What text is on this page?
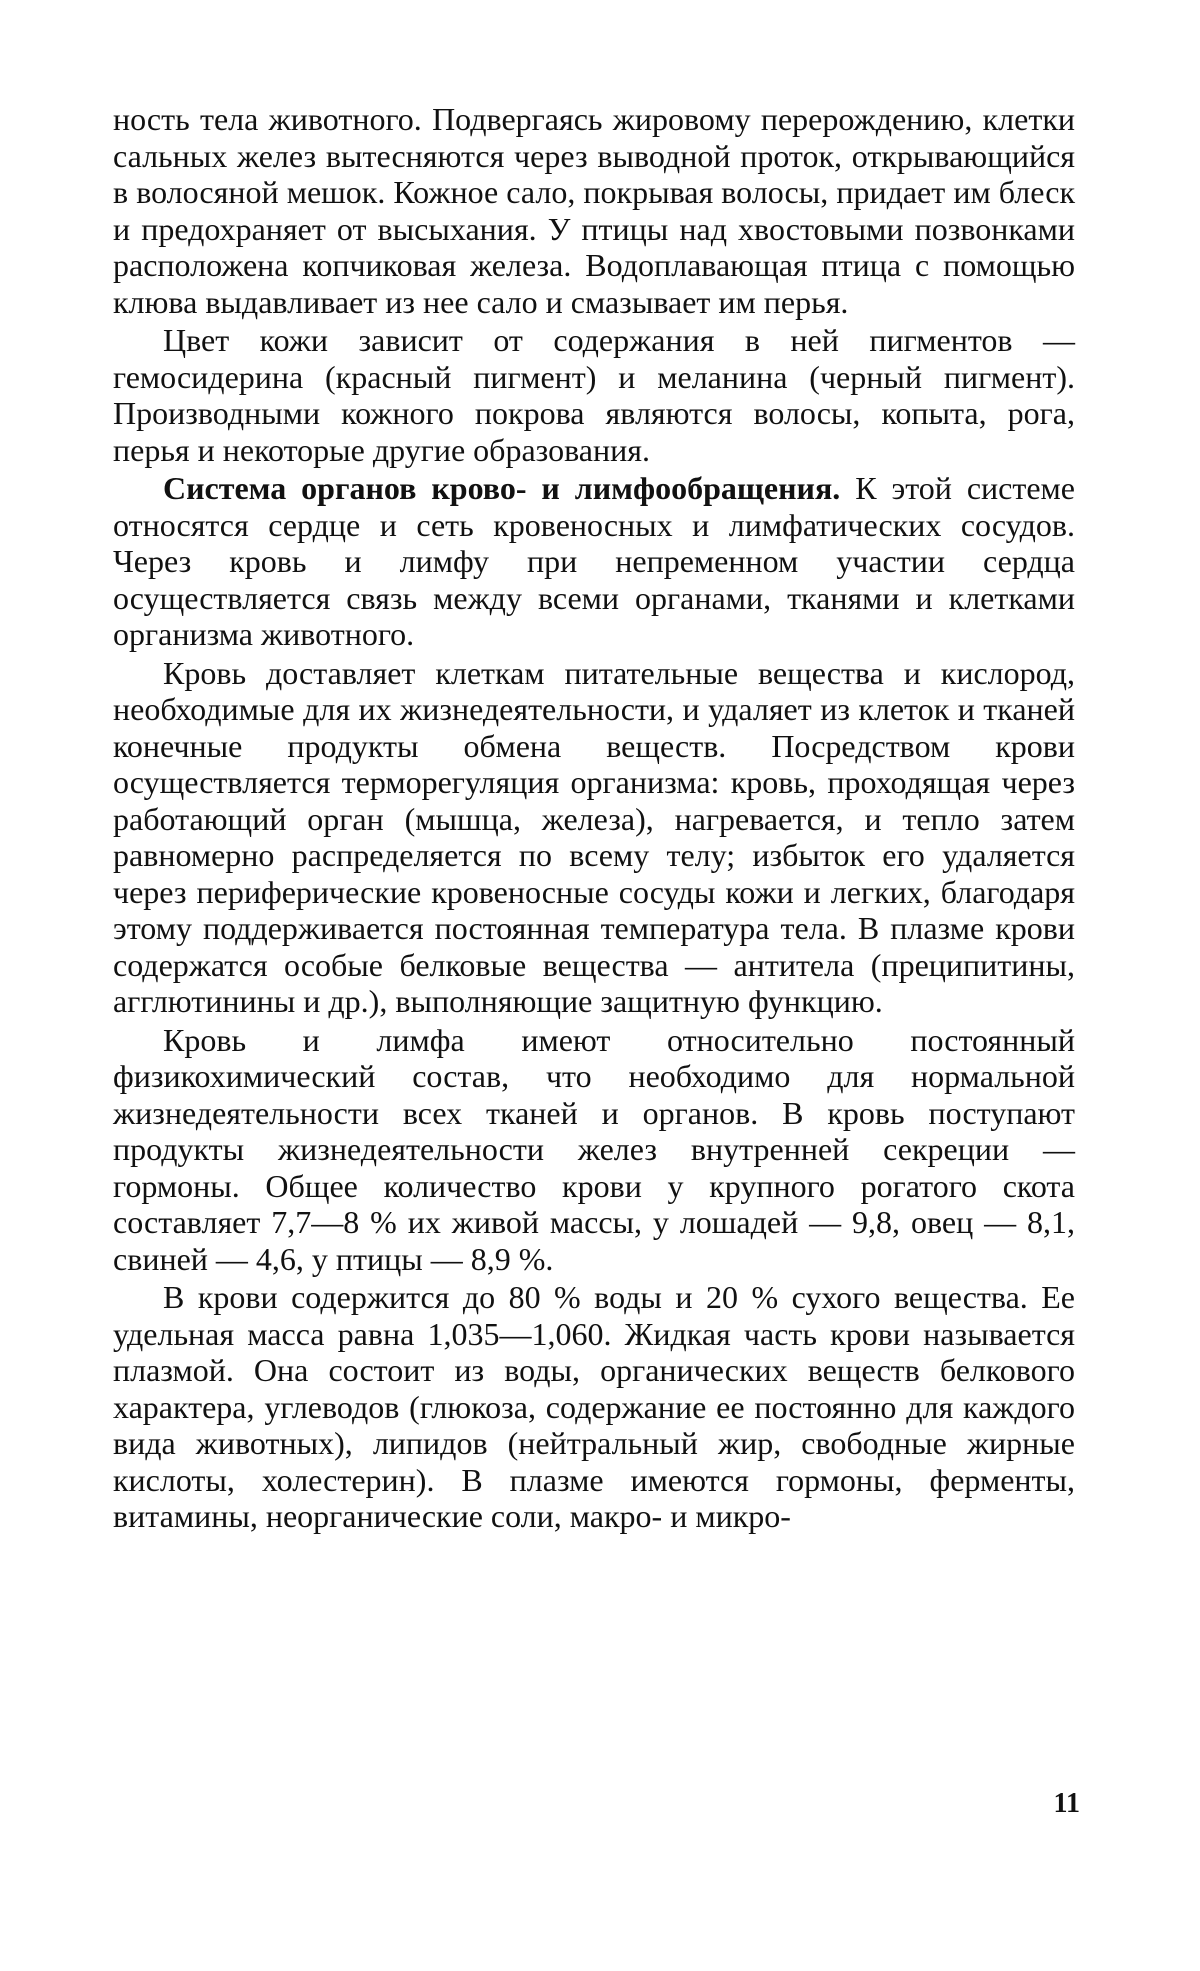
ность тела животного. Подвергаясь жировому перерождению, клетки сальных желез вытесняются через выводной проток, открывающийся в волосяной мешок. Кожное сало, покрывая волосы, придает им блеск и предохраняет от высыхания. У птицы над хвостовыми позвонками расположена копчиковая железа. Водоплавающая птица с помощью клюва выдавливает из нее сало и смазывает им перья.

Цвет кожи зависит от содержания в ней пигментов — гемосидерина (красный пигмент) и меланина (черный пигмент). Производными кожного покрова являются волосы, копыта, рога, перья и некоторые другие образования.

Система органов крово- и лимфообращения. К этой системе относятся сердце и сеть кровеносных и лимфатических сосудов. Через кровь и лимфу при непременном участии сердца осуществляется связь между всеми органами, тканями и клетками организма животного.

Кровь доставляет клеткам питательные вещества и кислород, необходимые для их жизнедеятельности, и удаляет из клеток и тканей конечные продукты обмена веществ. Посредством крови осуществляется терморегуляция организма: кровь, проходящая через работающий орган (мышца, железа), нагревается, и тепло затем равномерно распределяется по всему телу; избыток его удаляется через периферические кровеносные сосуды кожи и легких, благодаря этому поддерживается постоянная температура тела. В плазме крови содержатся особые белковые вещества — антитела (преципитины, агглютинины и др.), выполняющие защитную функцию.

Кровь и лимфа имеют относительно постоянный физикохимический состав, что необходимо для нормальной жизнедеятельности всех тканей и органов. В кровь поступают продукты жизнедеятельности желез внутренней секреции — гормоны. Общее количество крови у крупного рогатого скота составляет 7,7—8 % их живой массы, у лошадей — 9,8, овец — 8,1, свиней — 4,6, у птицы — 8,9 %.

В крови содержится до 80 % воды и 20 % сухого вещества. Ее удельная масса равна 1,035—1,060. Жидкая часть крови называется плазмой. Она состоит из воды, органических веществ белкового характера, углеводов (глюкоза, содержание ее постоянно для каждого вида животных), липидов (нейтральный жир, свободные жирные кислоты, холестерин). В плазме имеются гормоны, ферменты, витамины, неорганические соли, макро- и микро-

11
